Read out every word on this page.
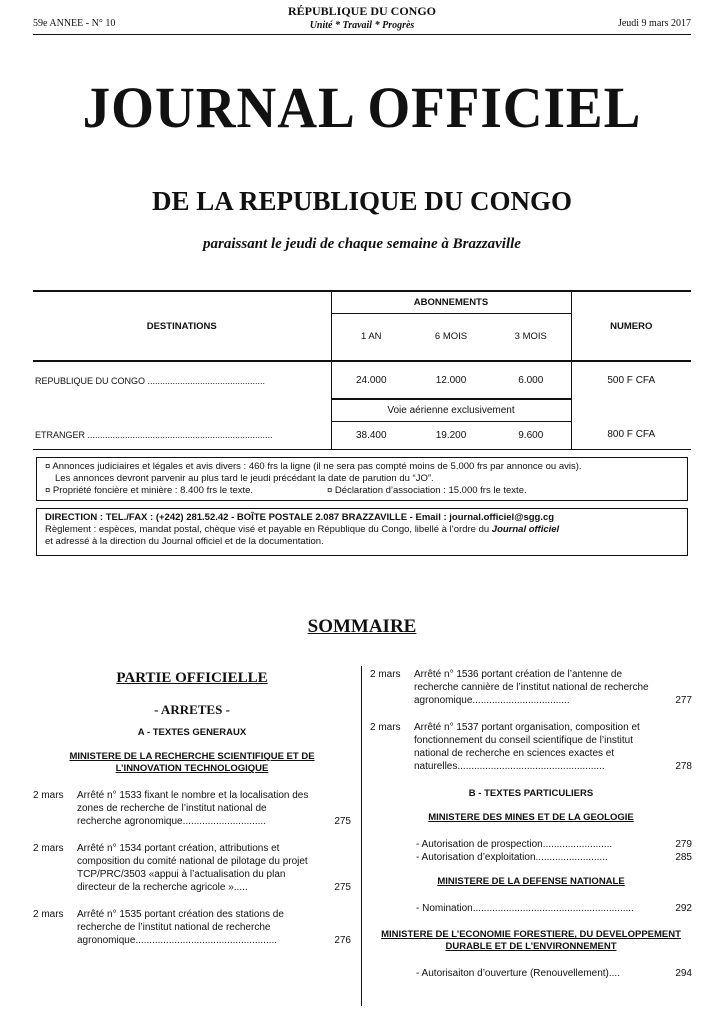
59e ANNEE - N° 10
RÉPUBLIQUE DU CONGO
Unité * Travail * Progrès	Jeudi 9 mars 2017
JOURNAL OFFICIEL
DE LA REPUBLIQUE DU CONGO
paraissant le jeudi de chaque semaine à Brazzaville
DESTINATIONS	ABONNEMENTS			NUMERO
	1 AN	6 MOIS	3 MOIS	
REPUBLIQUE DU CONGO ...............................................	24.000	12.000	6.000	500 F CFA
	Voie aérienne exclusivement			
ETRANGER ..........................................................................	38.400	19.200	9.600	800 F CFA
¤ Annonces judiciaires et légales et avis divers : 460 frs la ligne (il ne sera pas compté moins de 5.000 frs par annonce ou avis).
Les annonces devront parvenir au plus tard le jeudi précédant la date de parution du “JO”.
¤ Propriété foncière et minière : 8.400 frs le texte.	¤ Déclaration d’association : 15.000 frs le texte.
DIRECTION : TEL./FAX : (+242) 281.52.42 - BOÎTE POSTALE 2.087 BRAZZAVILLE - Email : journal.officiel@sgg.cg
Règlement : espèces, mandat postal, chèque visé et payable en République du Congo, libellé à l’ordre du Journal officiel
et adressé à la direction du Journal officiel et de la documentation.
SOMMAIRE
PARTIE OFFICIELLE
- ARRETES -
A - TEXTES GENERAUX
MINISTERE DE LA RECHERCHE SCIENTIFIQUE ET DE L’INNOVATION TECHNOLOGIQUE
2 mars	Arrêté n° 1533 fixant le nombre et la localisation des zones de recherche de l’institut national de recherche agronomique..............................	275
2 mars	Arrêté n° 1534 portant création, attributions et composition du comité national de pilotage du projet TCP/PRC/3503 «appui à l’actualisation du plan directeur de la recherche agricole ».....	275
2 mars	Arrêté n° 1535 portant création des stations de recherche de l’institut national de recherche agronomique...................................................	276
2 mars	Arrêté n° 1536 portant création de l’antenne de recherche cannière de l’institut national de recherche agronomique...................................	277
2 mars	Arrêté n° 1537 portant organisation, composition et fonctionnement du conseil scientifique de l’institut national de recherche en sciences exactes et naturelles.....................................................	278
B - TEXTES PARTICULIERS
MINISTERE DES MINES ET DE LA GEOLOGIE
- Autorisation de prospection.........................	279
- Autorisation d’exploitation..........................	285
MINISTERE DE LA DEFENSE NATIONALE
- Nomination..........................................................	292
MINISTERE DE L’ECONOMIE FORESTIERE, DU DEVELOPPEMENT DURABLE ET DE L’ENVIRONNEMENT
- Autorisaiton d’ouverture (Renouvellement)....	294
